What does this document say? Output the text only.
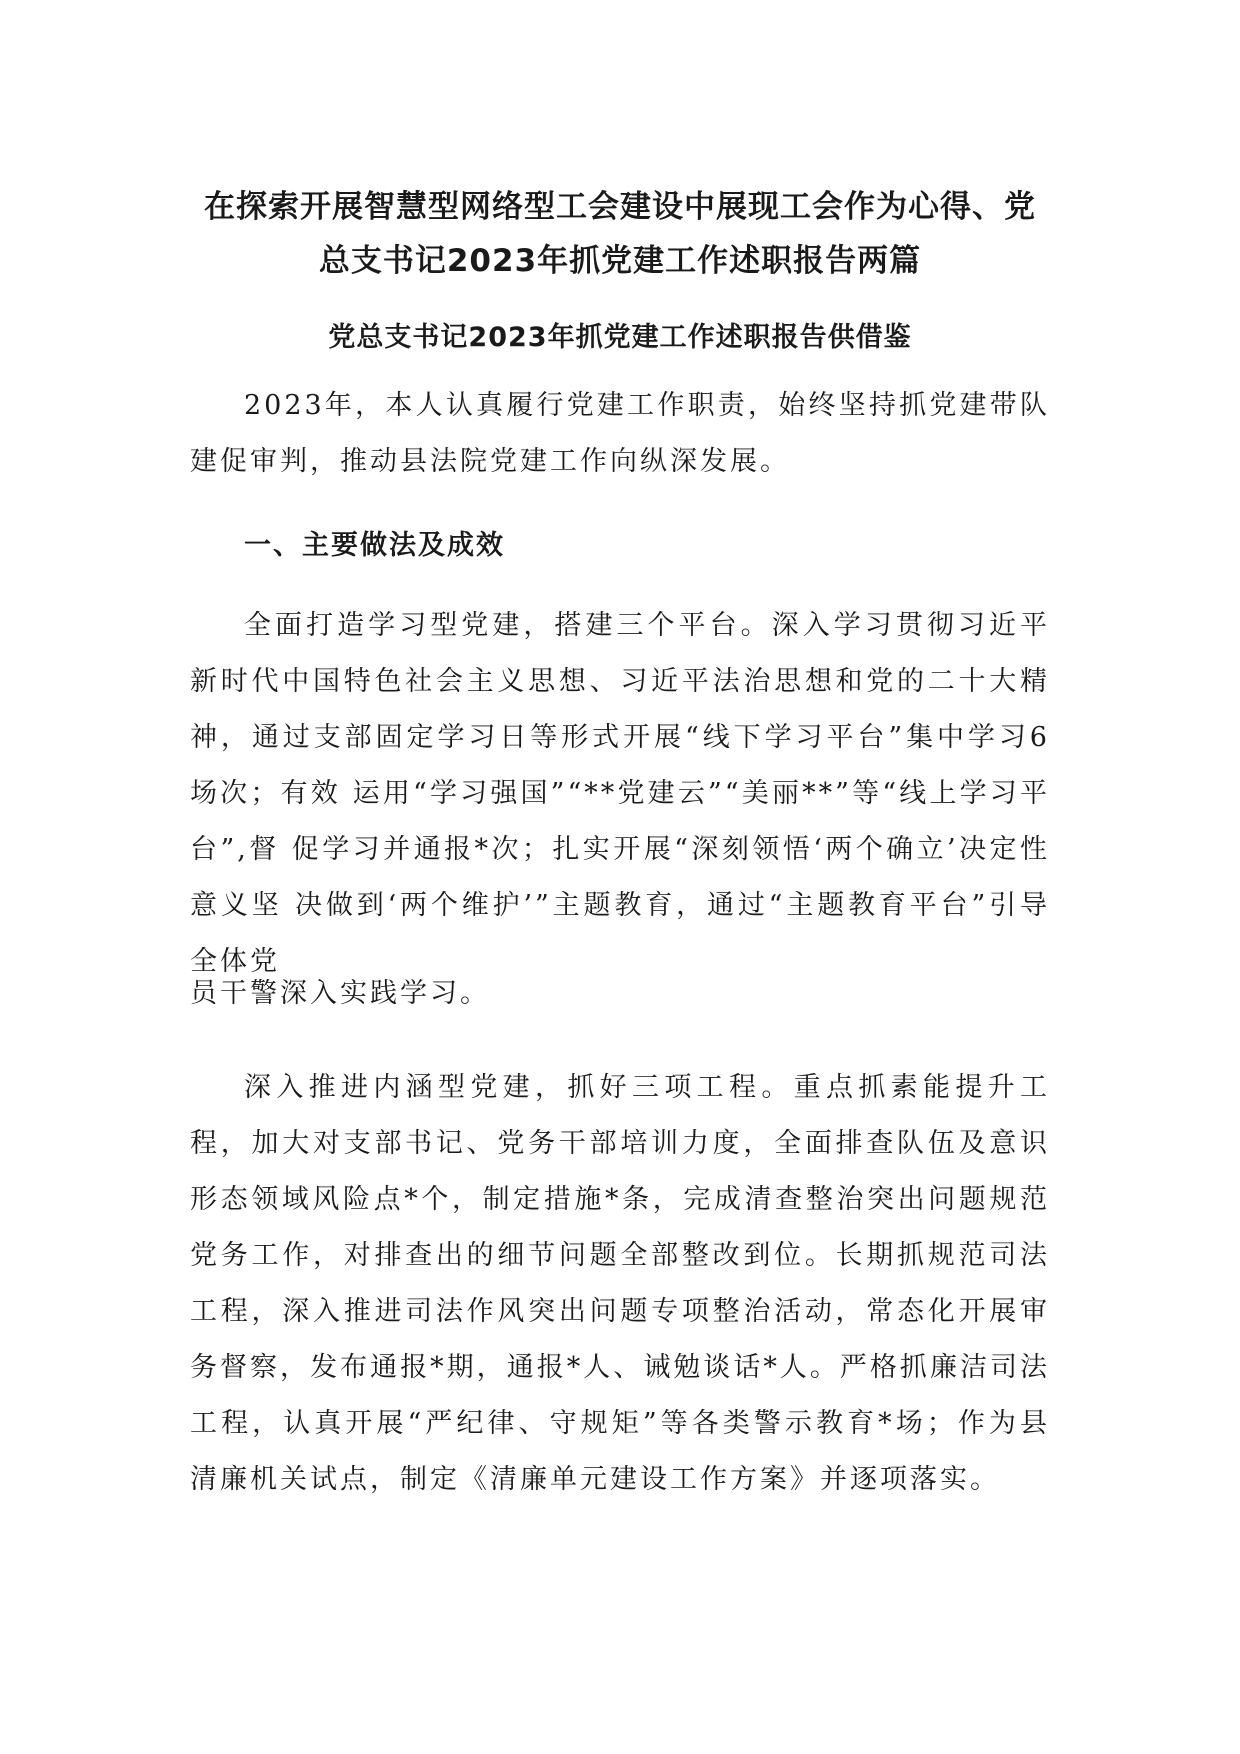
在探索开展智慧型网络型工会建设中展现工会作为心得、党
总支书记2023年抓党建工作述职报告两篇
党总支书记2023年抓党建工作述职报告供借鉴

2023年，本人认真履行党建工作职责，始终坚持抓党建带队建促审判，推动县法院党建工作向纵深发展。

一、主要做法及成效

全面打造学习型党建，搭建三个平台。深入学习贯彻习近平新时代中国特色社会主义思想、习近平法治思想和党的二十大精神，通过支部固定学习日等形式开展“线下学习平台”集中学习6场次；有效 运用“学习强国”“**党建云”“美丽**”等“线上学习平台”,督 促学习并通报*次；扎实开展“深刻领悟‘两个确立’决定性意义坚 决做到‘两个维护’”主题教育，通过“主题教育平台”引导全体党

员干警深入实践学习。

深入推进内涵型党建，抓好三项工程。重点抓素能提升工程，加大对支部书记、党务干部培训力度，全面排查队伍及意识形态领域风险点*个，制定措施*条，完成清查整治突出问题规范党务工作，对排查出的细节问题全部整改到位。长期抓规范司法工程，深入推进司法作风突出问题专项整治活动，常态化开展审务督察，发布通报*期，通报*人、诫勉谈话*人。严格抓廉洁司法工程，认真开展“严纪律、守规矩”等各类警示教育*场；作为县清廉机关试点，制定《清廉单元建设工作方案》并逐项落实。
